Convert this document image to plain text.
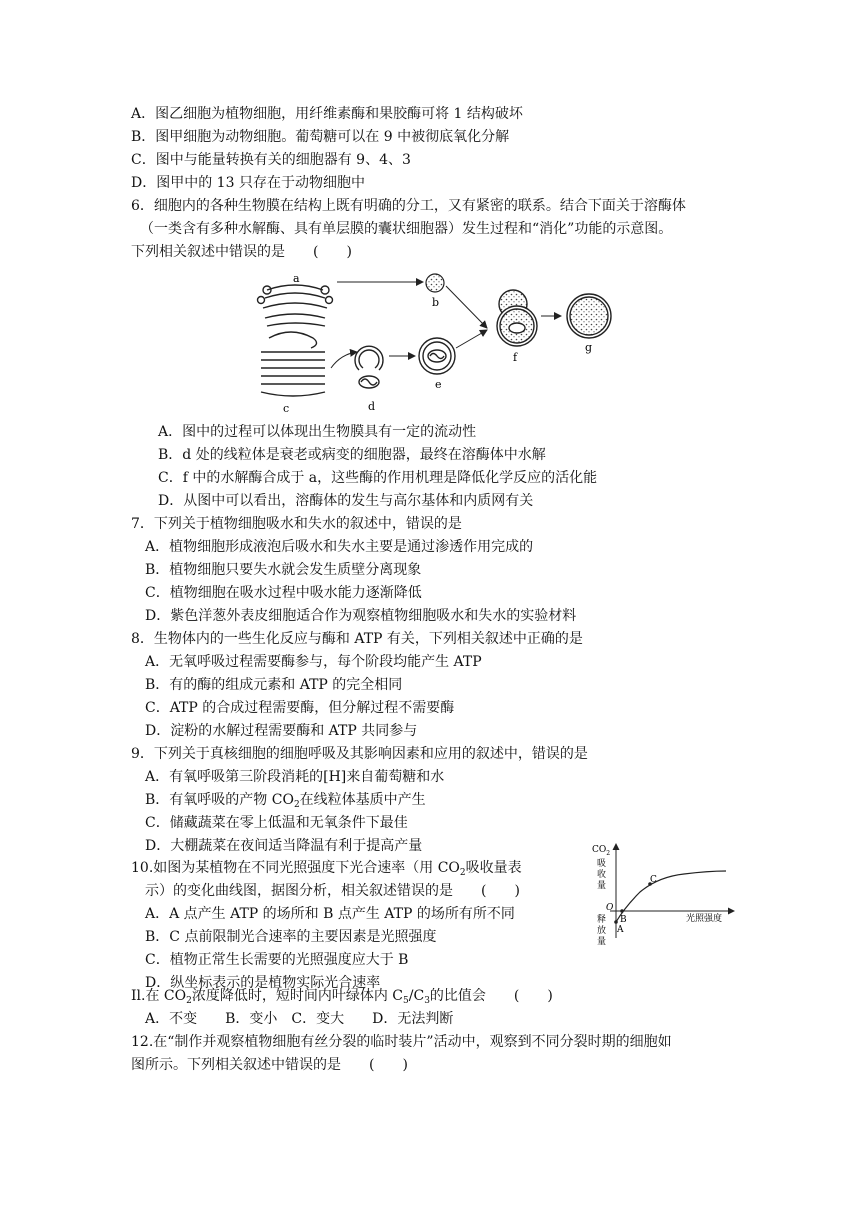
A．图乙细胞为植物细胞，用纤维素酶和果胶酶可将 1 结构破坏
B．图甲细胞为动物细胞。葡萄糖可以在 9 中被彻底氧化分解
C．图中与能量转换有关的细胞器有 9、4、3
D．图甲中的 13 只存在于动物细胞中
6．细胞内的各种生物膜在结构上既有明确的分工，又有紧密的联系。结合下面关于溶酶体
（一类含有多种水解酶、具有单层膜的囊状细胞器）发生过程和“消化”功能的示意图。
下列相关叙述中错误的是　　(　　)
a
b
c	d
e
f
g
A．图中的过程可以体现出生物膜具有一定的流动性
B．d 处的线粒体是衰老或病变的细胞器，最终在溶酶体中水解
C．f 中的水解酶合成于 a，这些酶的作用机理是降低化学反应的活化能
D．从图中可以看出，溶酶体的发生与高尔基体和内质网有关
7．下列关于植物细胞吸水和失水的叙述中，错误的是
A．植物细胞形成液泡后吸水和失水主要是通过渗透作用完成的
B．植物细胞只要失水就会发生质壁分离现象
C．植物细胞在吸水过程中吸水能力逐渐降低
D．紫色洋葱外表皮细胞适合作为观察植物细胞吸水和失水的实验材料
8．生物体内的一些生化反应与酶和 ATP 有关，下列相关叙述中正确的是
A．无氧呼吸过程需要酶参与，每个阶段均能产生 ATP
B．有的酶的组成元素和 ATP 的完全相同
C．ATP 的合成过程需要酶，但分解过程不需要酶
D．淀粉的水解过程需要酶和 ATP 共同参与
9．下列关于真核细胞的细胞呼吸及其影响因素和应用的叙述中，错误的是
A．有氧呼吸第三阶段消耗的[H]来自葡萄糖和水
B．有氧呼吸的产物 $CO_2$在线粒体基质中产生
C．储藏蔬菜在零上低温和无氧条件下最佳
D．大棚蔬菜在夜间适当降温有利于提高产量
10.如图为某植物在不同光照强度下光合速率（用 $CO_2$吸收量表
示）的变化曲线图，据图分析，相关叙述错误的是　　(　　)
A．A 点产生 ATP 的场所和 B 点产生 ATP 的场所有所不同
B．C 点前限制光合速率的主要因素是光照强度
C．植物正常生长需要的光照强度应大于 B
D．纵坐标表示的是植物实际光合速率
$CO_2$
吸
收
量
释
放
量
O
光照强度
A
B
C
Il.在 $CO_2$浓度降低时，短时间内叶绿体内 $C_5/C_3$的比值会　　(　　)
A．不变　　B．变小　C．变大　　D．无法判断
12.在“制作并观察植物细胞有丝分裂的临时装片”活动中，观察到不同分裂时期的细胞如
图所示。下列相关叙述中错误的是　　(　　)
